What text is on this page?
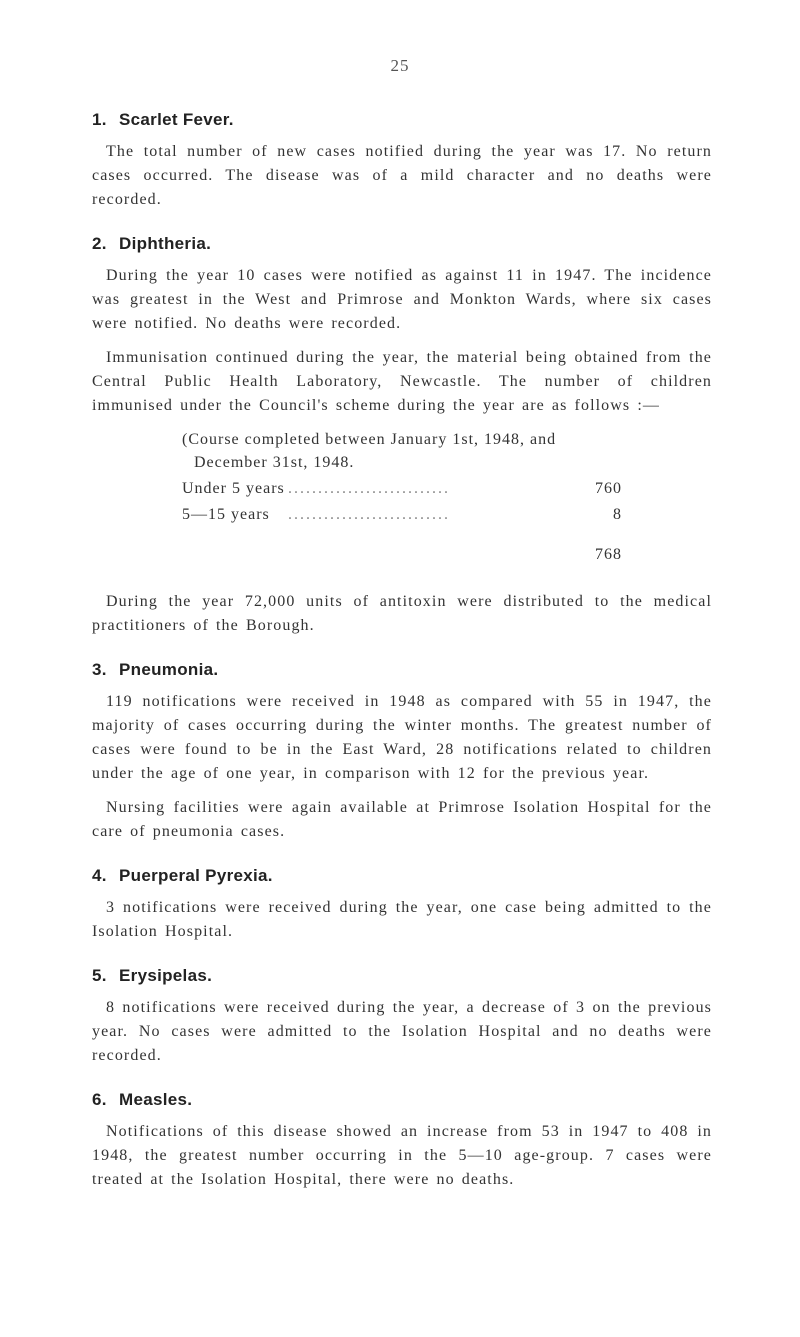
25
1. Scarlet Fever.

The total number of new cases notified during the year was 17. No return cases occurred. The disease was of a mild character and no deaths were recorded.

2. Diphtheria.

During the year 10 cases were notified as against 11 in 1947. The incidence was greatest in the West and Primrose and Monkton Wards, where six cases were notified. No deaths were recorded.

Immunisation continued during the year, the material being obtained from the Central Public Health Laboratory, Newcastle. The number of children immunised under the Council's scheme during the year are as follows :—

(Course completed between January 1st, 1948, and
December 31st, 1948.
Under 5 years ...........................	760
5—15 years ...........................	8
768

During the year 72,000 units of antitoxin were distributed to the medical practitioners of the Borough.

3. Pneumonia.

119 notifications were received in 1948 as compared with 55 in 1947, the majority of cases occurring during the winter months. The greatest number of cases were found to be in the East Ward, 28 notifications related to children under the age of one year, in comparison with 12 for the previous year.

Nursing facilities were again available at Primrose Isolation Hospital for the care of pneumonia cases.

4. Puerperal Pyrexia.

3 notifications were received during the year, one case being admitted to the Isolation Hospital.

5. Erysipelas.

8 notifications were received during the year, a decrease of 3 on the previous year. No cases were admitted to the Isolation Hospital and no deaths were recorded.

6. Measles.

Notifications of this disease showed an increase from 53 in 1947 to 408 in 1948, the greatest number occurring in the 5—10 age-group. 7 cases were treated at the Isolation Hospital, there were no deaths.
